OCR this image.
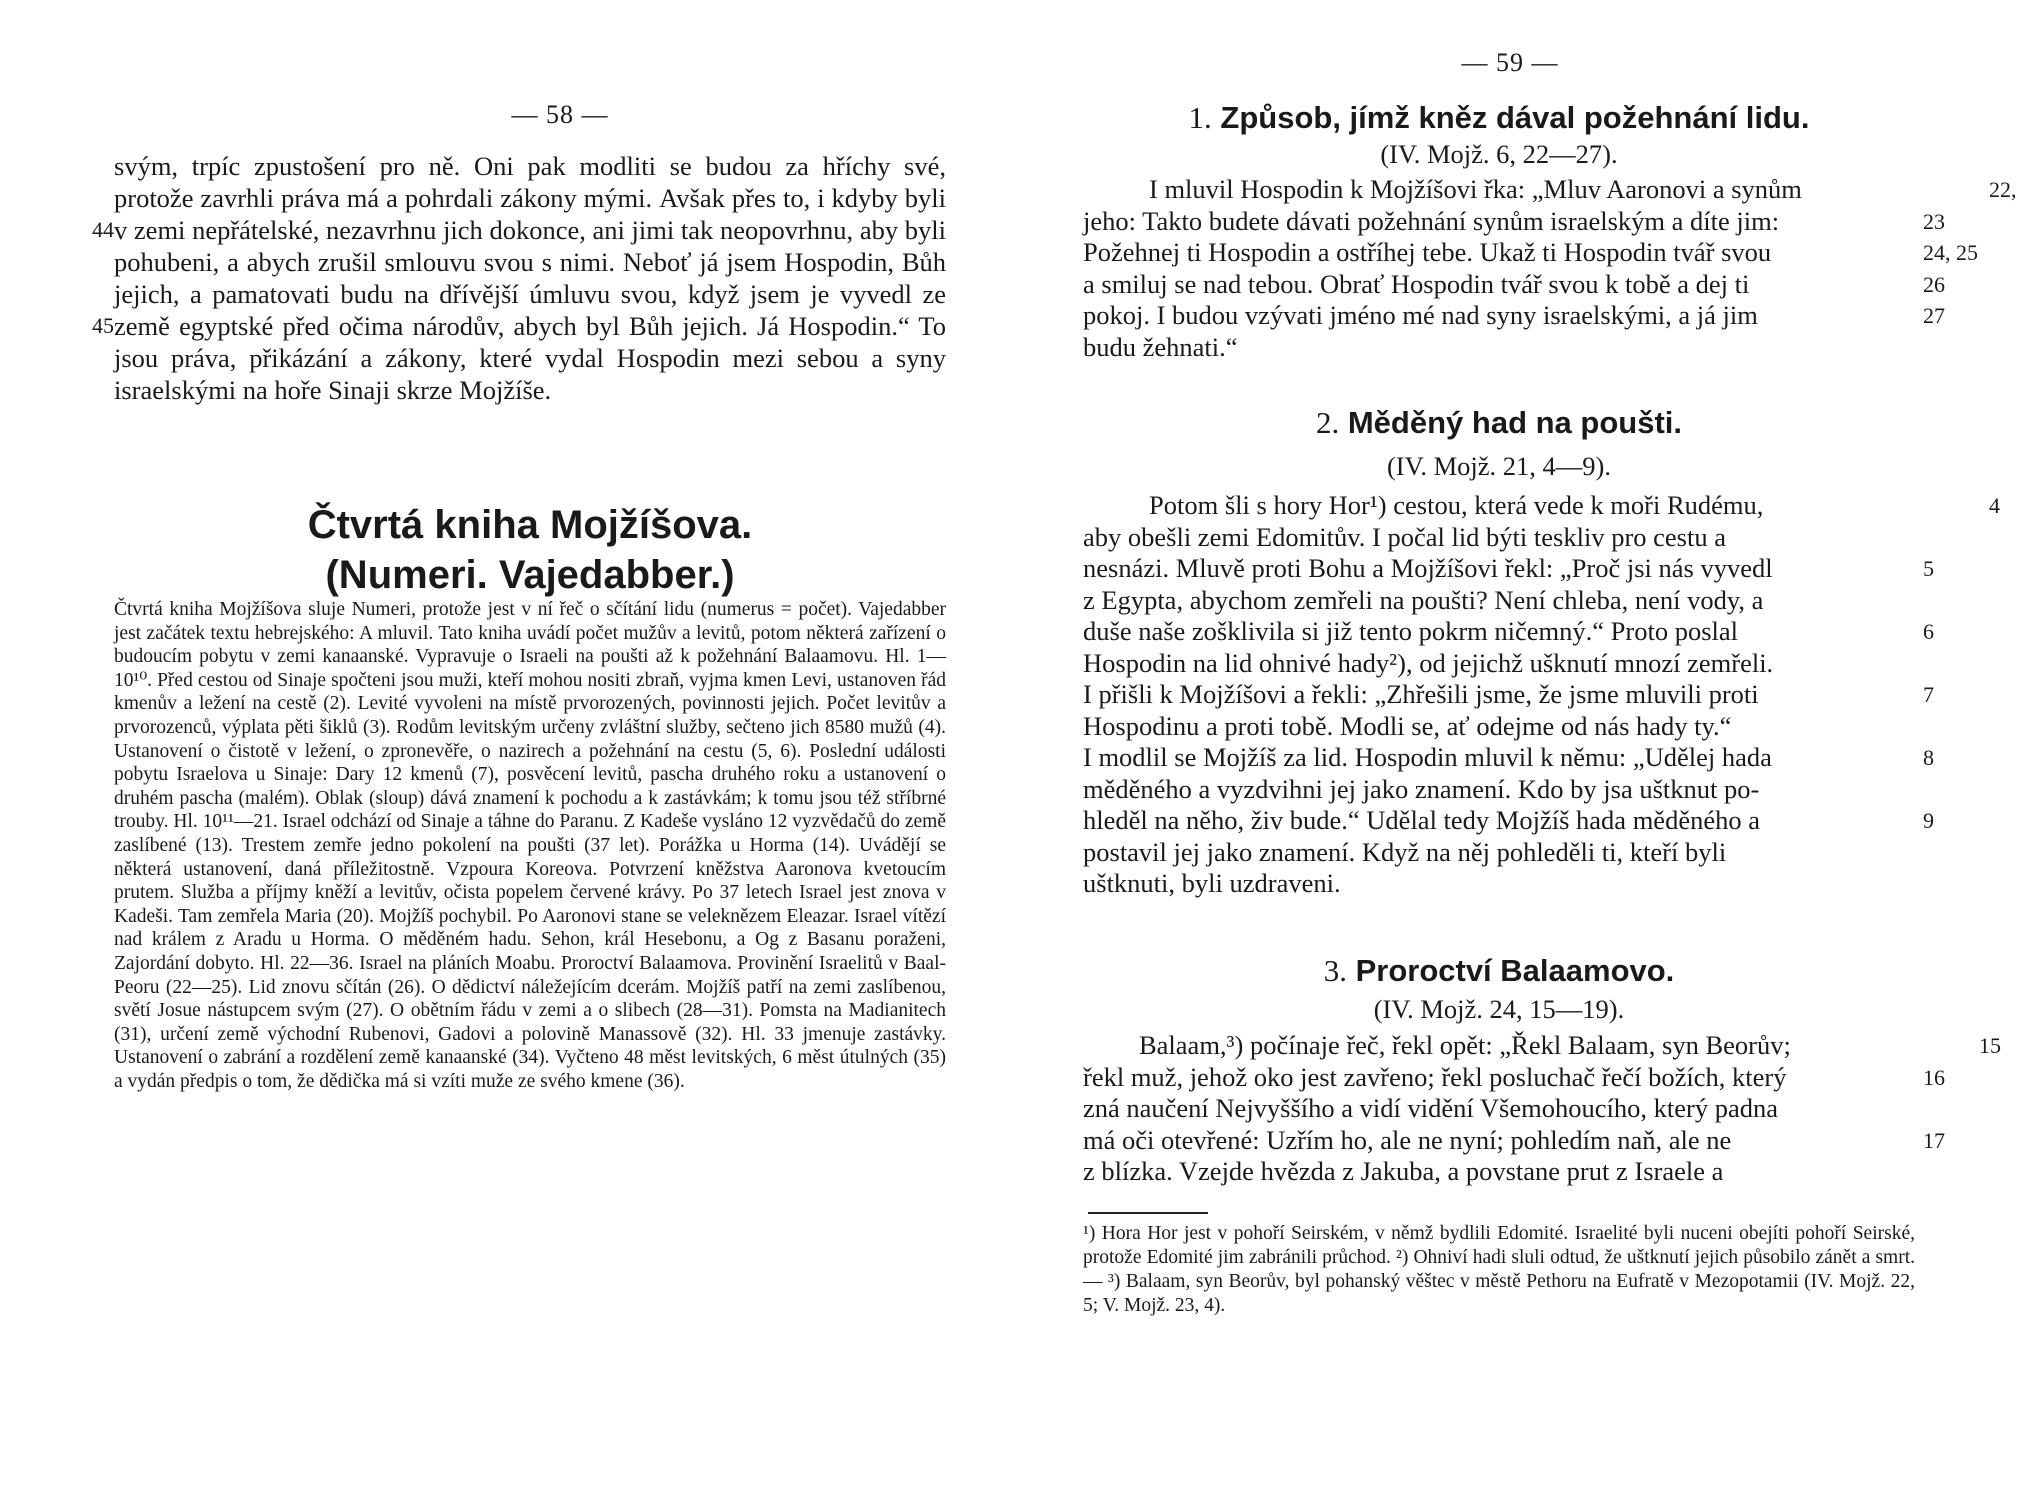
— 58 —

svým, trpíc zpustošení pro ně. Oni pak modliti se budou za hříchy své, protože zavrhli práva má a pohrdali zákony mými.
44
Avšak přes to, i kdyby byli v zemi nepřátelské, nezavrhnu jich dokonce, ani jimi tak neopovrhnu, aby byli pohubeni, a abych zrušil smlouvu svou s nimi. Neboť já jsem Hospodin, Bůh jejich,
45
a pamatovati budu na dřívější úmluvu svou, když jsem je vyvedl ze země egyptské před očima národův, abych byl Bůh jejich. Já Hospodin.“ To jsou práva, přikázání a zákony, které vydal Hospodin mezi sebou a syny israelskými na hoře Sinaji skrze Mojžíše.

Čtvrtá kniha Mojžíšova.
(Numeri. Vajedabber.)
Čtvrtá kniha Mojžíšova sluje Numeri, protože jest v ní řeč o sčítání lidu (numerus = počet). Vajedabber jest začátek textu hebrejského: A mluvil. Tato kniha uvádí počet mužův a levitů, potom některá zařízení o budoucím pobytu v zemi kanaanské. Vypravuje o Israeli na poušti až k požehnání Balaamovu. Hl. 1—10¹⁰. Před cestou od Sinaje spočteni jsou muži, kteří mohou nositi zbraň, vyjma kmen Levi, ustanoven řád kmenův a ležení na cestě (2). Levité vyvoleni na místě prvorozených, povinnosti jejich. Počet levitův a prvorozenců, výplata pěti šiklů (3). Rodům levitským určeny zvláštní služby, sečteno jich 8580 mužů (4). Ustanovení o čistotě v ležení, o zpronevěře, o nazirech a požehnání na cestu (5, 6). Poslední události pobytu Israelova u Sinaje: Dary 12 kmenů (7), posvěcení levitů, pascha druhého roku a ustanovení o druhém pascha (malém). Oblak (sloup) dává znamení k pochodu a k zastávkám; k tomu jsou též stříbrné trouby. Hl. 10¹¹—21. Israel odchází od Sinaje a táhne do Paranu. Z Kadeše vysláno 12 vyzvědačů do země zaslíbené (13). Trestem zemře jedno pokolení na poušti (37 let). Porážka u Horma (14). Uvádějí se některá ustanovení, daná příležitostně. Vzpoura Koreova. Potvrzení kněžstva Aaronova kvetoucím prutem. Služba a příjmy kněží a levitův, očista popelem červené krávy. Po 37 letech Israel jest znova v Kadeši. Tam zemřela Maria (20). Mojžíš pochybil. Po Aaronovi stane se veleknězem Eleazar. Israel vítězí nad králem z Aradu u Horma. O měděném hadu. Sehon, král Hesebonu, a Og z Basanu poraženi, Zajordání dobyto. Hl. 22—36. Israel na pláních Moabu. Proroctví Balaamova. Provinění Israelitů v Baal-Peoru (22—25). Lid znovu sčítán (26). O dědictví náležejícím dcerám. Mojžíš patří na zemi zaslíbenou, světí Josue nástupcem svým (27). O obětním řádu v zemi a o slibech (28—31). Pomsta na Madianitech (31), určení země východní Rubenovi, Gadovi a polovině Manassově (32). Hl. 33 jmenuje zastávky. Ustanovení o zabrání a rozdělení země kanaanské (34). Vyčteno 48 měst levitských, 6 měst útulných (35) a vydán předpis o tom, že dědička má si vzíti muže ze svého kmene (36).
— 59 —
1. Způsob, jímž kněz dával požehnání lidu.
(IV. Mojž. 6, 22—27).

I mluvil Hospodin k Mojžíšovi řka: „Mluv Aaronovi a synům	22, 23

jeho: Takto budete dávati požehnání synům israelským a díte jim:

Požehnej ti Hospodin a ostříhej tebe. Ukaž ti Hospodin tvář svou	24, 25

a smiluj se nad tebou. Obrať Hospodin tvář svou k tobě a dej ti	26

pokoj. I budou vzývati jméno mé nad syny israelskými, a já jim	27

budu žehnati.“

2. Měděný had na poušti.
(IV. Mojž. 21, 4—9).

Potom šli s hory Hor¹) cestou, která vede k moři Rudému,	4

aby obešli zemi Edomitův. I počal lid býti teskliv pro cestu a

nesnázi. Mluvě proti Bohu a Mojžíšovi řekl: „Proč jsi nás vyvedl	5

z Egypta, abychom zemřeli na poušti? Není chleba, není vody, a

duše naše zošklivila si již tento pokrm ničemný.“ Proto poslal	6

Hospodin na lid ohnivé hady²), od jejichž ušknutí mnozí zemřeli.

I přišli k Mojžíšovi a řekli: „Zhřešili jsme, že jsme mluvili proti	7

Hospodinu a proti tobě. Modli se, ať odejme od nás hady ty.“

I modlil se Mojžíš za lid. Hospodin mluvil k němu: „Udělej hada	8

měděného a vyzdvihni jej jako znamení. Kdo by jsa uštknut po-

hleděl na něho, živ bude.“ Udělal tedy Mojžíš hada měděného a	9

postavil jej jako znamení. Když na něj pohleděli ti, kteří byli

uštknuti, byli uzdraveni.

3. Proroctví Balaamovo.
(IV. Mojž. 24, 15—19).

Balaam,³) počínaje řeč, řekl opět: „Řekl Balaam, syn Beorův;	15

řekl muž, jehož oko jest zavřeno; řekl posluchač řečí božích, který	16

zná naučení Nejvyššího a vidí vidění Všemohoucího, který padna

má oči otevřené: Uzřím ho, ale ne nyní; pohledím naň, ale ne	17

z blízka. Vzejde hvězda z Jakuba, a povstane prut z Israele a

¹) Hora Hor jest v pohoří Seirském, v němž bydlili Edomité. Israelité byli nuceni obejíti pohoří Seirské, protože Edomité jim zabránili průchod. ²) Ohniví hadi sluli odtud, že uštknutí jejich působilo zánět a smrt. — ³) Balaam, syn Beorův, byl pohanský věštec v městě Pethoru na Eufratě v Mezopotamii (IV. Mojž. 22, 5; V. Mojž. 23, 4).
